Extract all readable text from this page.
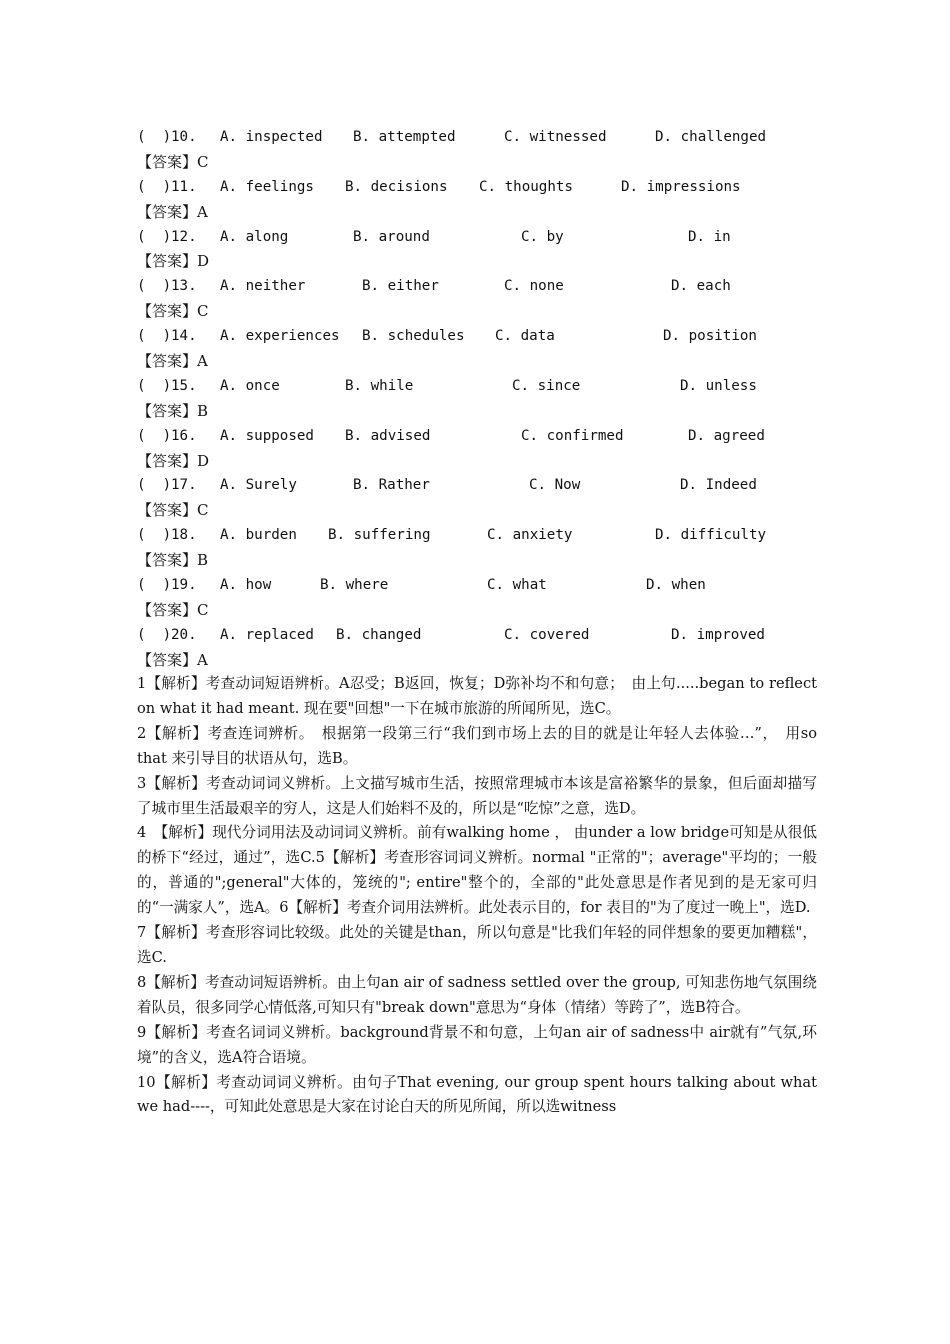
(  ) 10. A. inspected B. attempted	C. witnessed	D. challenged
【答案】C
(  ) 11. A. feelings B. decisions C. thoughts	D. impressions
【答案】A
(  ) 12. A. along	B. around	C. by	D. in
【答案】D
(  ) 13. A. neither	B. either	C. none	D. each
【答案】C
(  ) 14. A. experiences B. schedules C. data	D. position
【答案】A
(  ) 15. A. once	B. while	C. since	D. unless
【答案】B
(  ) 16. A. supposed B. advised	C. confirmed	D. agreed
【答案】D
(  ) 17. A. Surely	B. Rather	C. Now	D. Indeed
【答案】C
(  ) 18. A. burden B. suffering	C. anxiety	D. difficulty
【答案】B
(  ) 19. A. how	B. where	C. what	D. when
【答案】C
(  ) 20. A. replaced B. changed	C. covered	D. improved
【答案】A

1【解析】考查动词短语辨析。A忍受；B返回，恢复；D弥补均不和句意；　由上句.....began to reflect on what it had meant. 现在要"回想"一下在城市旅游的所闻所见，选C。

2【解析】考查连词辨析。　根据第一段第三行“我们到市场上去的目的就是让年轻人去体验…”，　用so that 来引导目的状语从句，选B。

3【解析】考查动词词义辨析。上文描写城市生活，按照常理城市本该是富裕繁华的景象，但后面却描写了城市里生活最艰辛的穷人，这是人们始料不及的，所以是“吃惊”之意，选D。

4　【解析】现代分词用法及动词词义辨析。前有walking home ， 由under a low bridge可知是从很低的桥下“经过，通过”，选C.5【解析】考查形容词词义辨析。normal "正常的"；average"平均的；一般的，普通的";general"大体的，笼统的"; entire"整个的，全部的"此处意思是作者见到的是无家可归的“一满家人”，选A。6【解析】考查介词用法辨析。此处表示目的，for 表目的"为了度过一晚上"，选D.

7【解析】考查形容词比较级。此处的关键是than，所以句意是"比我们年轻的同伴想象的要更加糟糕"，选C.

8【解析】考查动词短语辨析。由上句an air of sadness settled over the group, 可知悲伤地气氛围绕着队员，很多同学心情低落,可知只有"break down"意思为“身体（情绪）等跨了”，选B符合。

9【解析】考查名词词义辨析。background背景不和句意，上句an air of sadness中 air就有”气氛,环境”的含义，选A符合语境。

10【解析】考查动词词义辨析。由句子That evening, our group spent hours talking about what we had----，可知此处意思是大家在讨论白天的所见所闻，所以选witness
